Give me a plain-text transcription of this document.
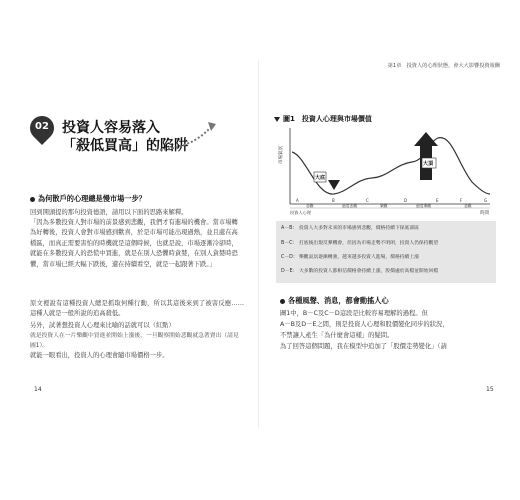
第1章　投資人的心理狀態，會大大影響投資報酬
02 投資人容易落入
「殺低買高」的陷阱
為何散戶的心理總是慢市場一步？
回到開頭提的那句投資德語，請用以下面的思路來解釋。
「因為多數投資人對市場的前景感到悲觀，我們才有進場的機會。當市場轉為好轉後，投資人會對市場感到歡喜，於是市場可能出現過熱，並且處在高檔區，而真正需要害怕的時機就是這個時候，也就是說，市場逐漸冷卻時，就能在多數投資人的恐慌中買進，就是在別人恐懼時貪婪，在別人貪婪時恐懼，當市場已經大幅下跌後，還在持續看空，就是一起跟著下跌。」
原文裡說有這種投資人總是抓取何種行動，所以其這後來到了被害反應……這種人就是一般所說的追高殺低。
另外，試著想投資人心理來比喻的話就可以（紅點）
就是投資人在一片樂觀中買進並開始上漲後，一旦觀察開始悲觀就急著賣出（請見圖1）。
就能一眼看出，投資人的心理會隨市場價格一步。
14
圖1　投資人心理與市場價值
市場氣氛
時間
投資人心理
大底
大頂
悲觀	過度悲觀	樂觀	過度樂觀	悲觀
A	B	C	D	E	F	G
A－B： 投資人大多對未來的市場感到悲觀，價格持續下探底部區
B－C： 打底後出現反彈機會，但因為市場走勢不明朗，投資人仍保持觀望
C－D：樂觀氣氛逐漸轉強，越來越多投資人進場，價格持續上漲
D－E： 大多數的投資人都相信價格會持續上漲，股價處於高檔並開始回檔
各種風聲、消息，都會動搖人心
圖1中，B－C及C－D這段是比較容易理解的過程。但
A－B及D－E之間，則是投資人心理和股價變化同步的狀況，
不禁讓人產生「為什麼會這樣」的疑問。
為了回答這個問題，我在模型中追加了「股價走勢變化」（請
15
